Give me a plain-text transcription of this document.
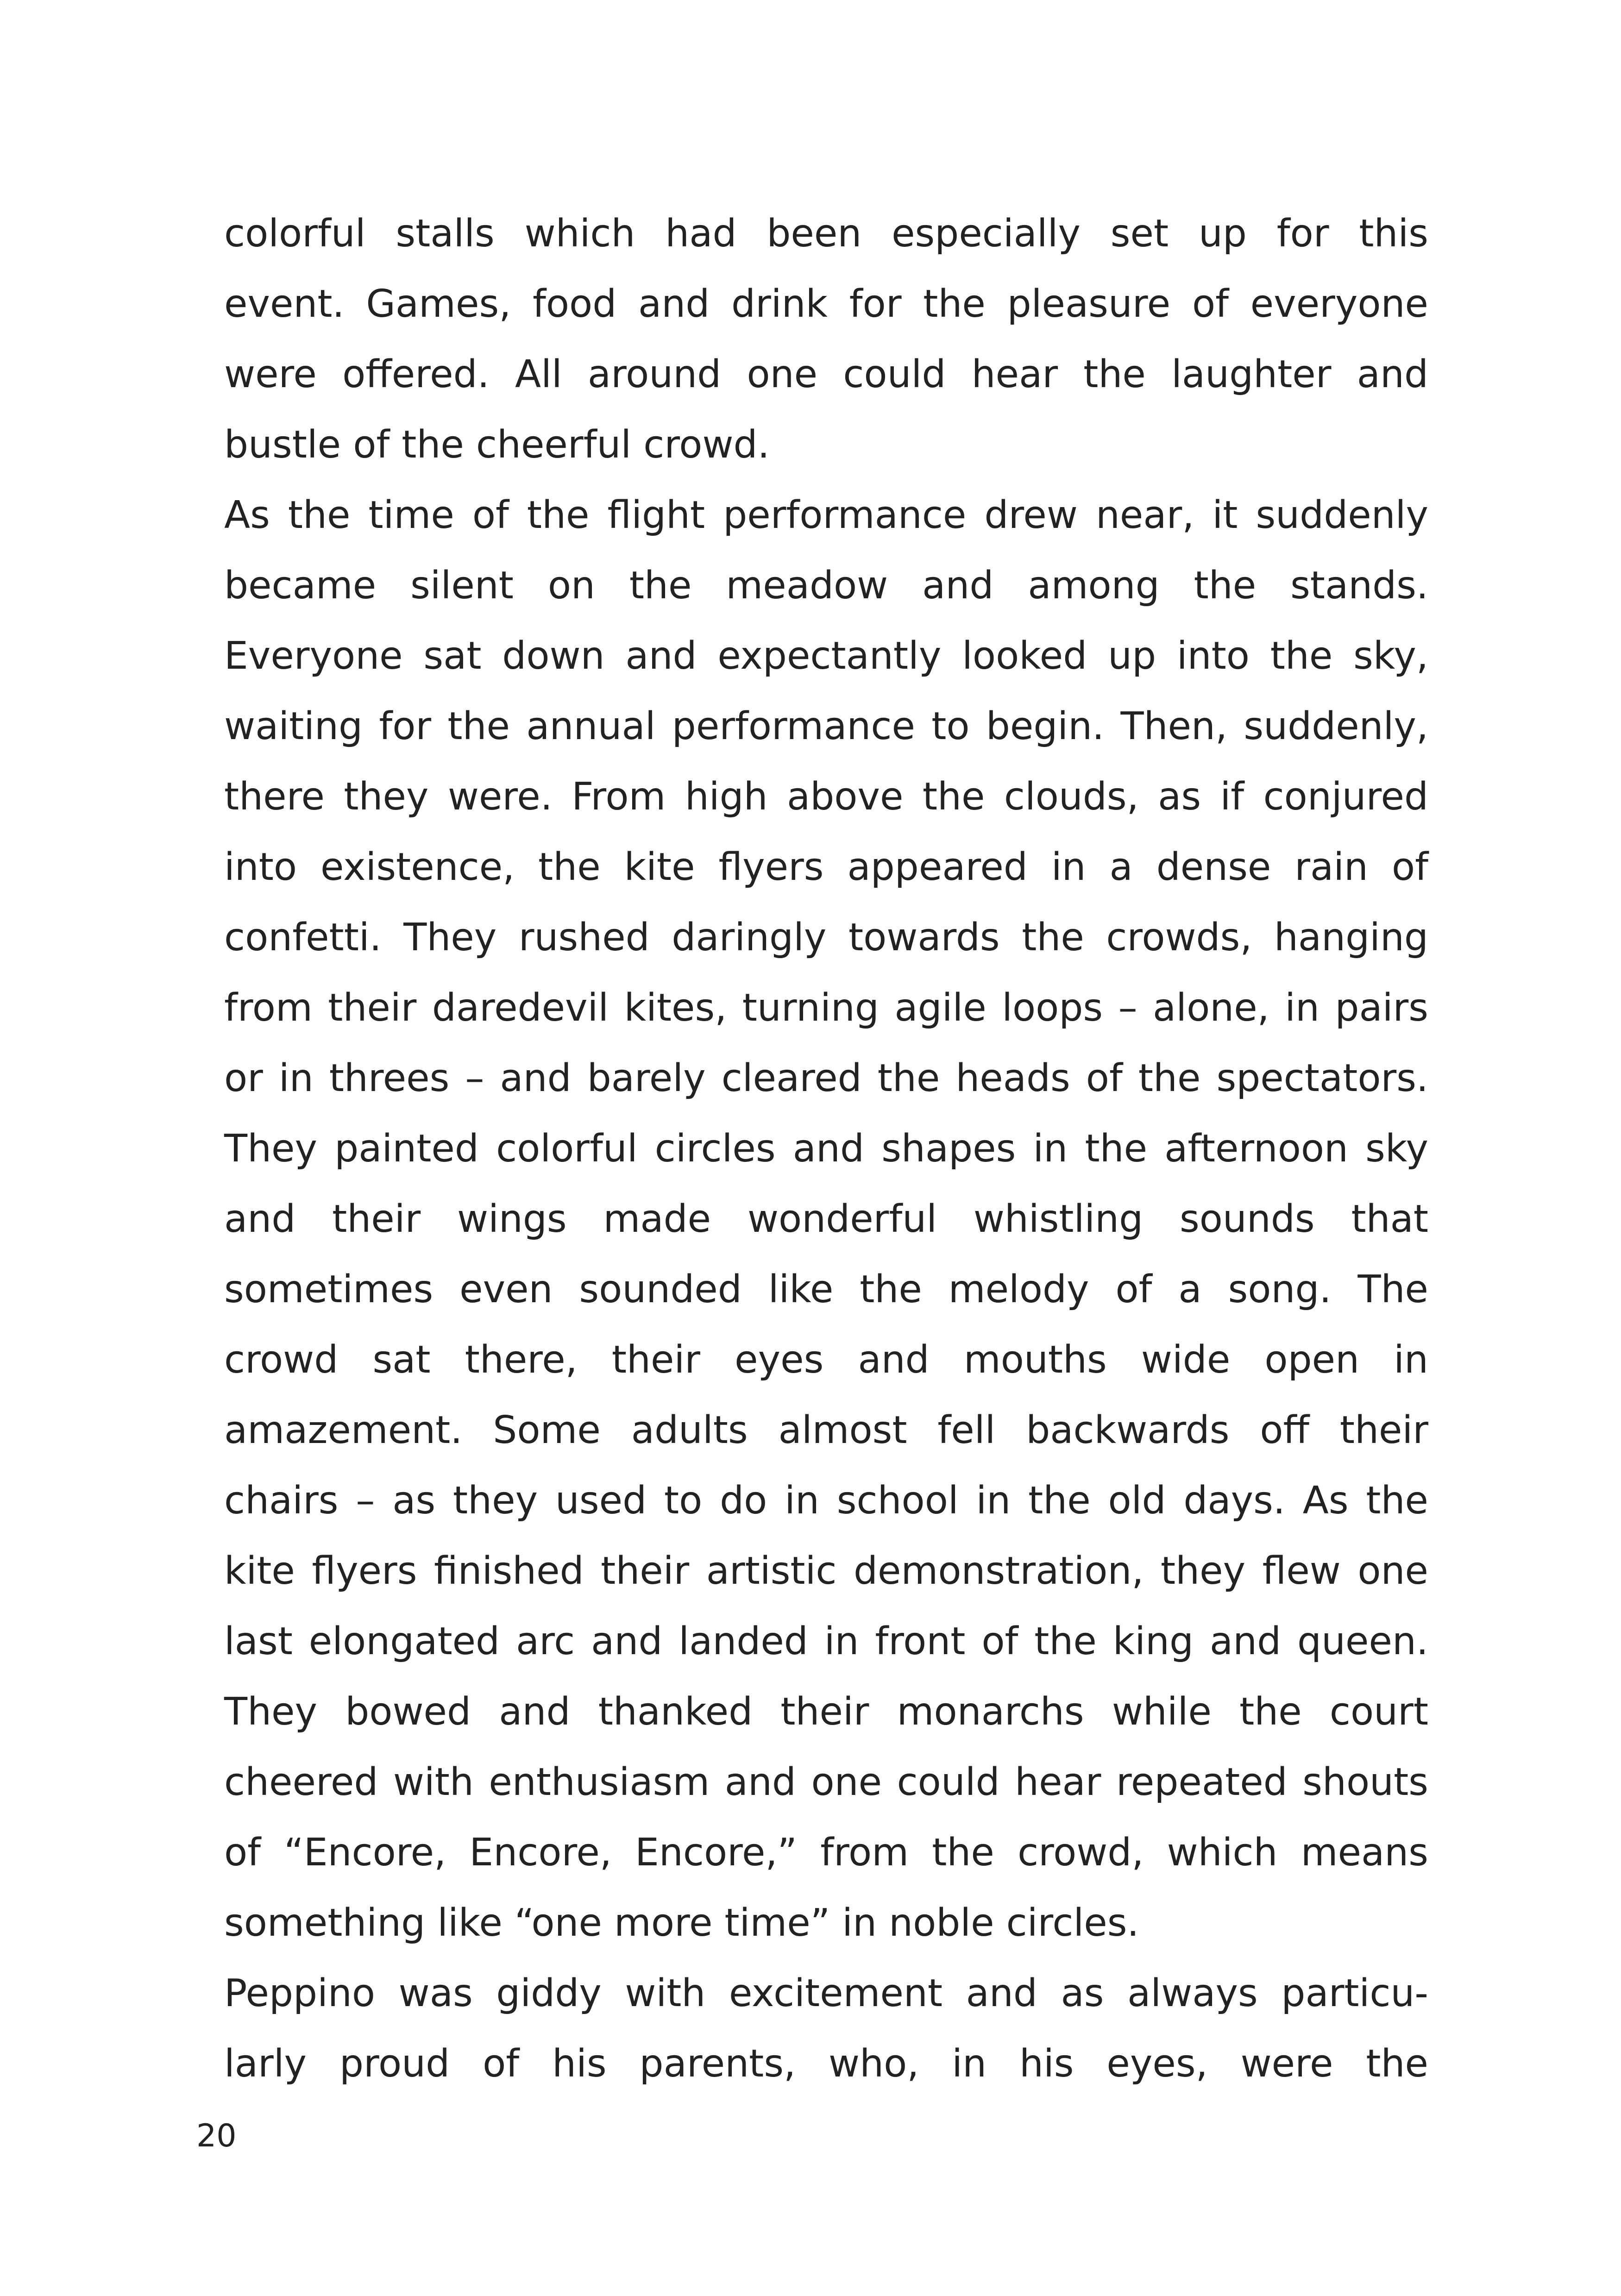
colorful stalls which had been especially set up for this
event. Games, food and drink for the pleasure of everyone
were offered. All around one could hear the laughter and
bustle of the cheerful crowd.
As the time of the flight performance drew near, it suddenly
became silent on the meadow and among the stands.
Everyone sat down and expectantly looked up into the sky,
waiting for the annual performance to begin. Then, suddenly,
there they were. From high above the clouds, as if conjured
into existence, the kite flyers appeared in a dense rain of
confetti. They rushed daringly towards the crowds, hanging
from their daredevil kites, turning agile loops – alone, in pairs
or in threes – and barely cleared the heads of the spectators.
They painted colorful circles and shapes in the afternoon sky
and their wings made wonderful whistling sounds that
sometimes even sounded like the melody of a song. The
crowd sat there, their eyes and mouths wide open in
amazement. Some adults almost fell backwards off their
chairs – as they used to do in school in the old days. As the
kite flyers finished their artistic demonstration, they flew one
last elongated arc and landed in front of the king and queen.
They bowed and thanked their monarchs while the court
cheered with enthusiasm and one could hear repeated shouts
of “Encore, Encore, Encore,” from the crowd, which means
something like “one more time” in noble circles.
Peppino was giddy with excitement and as always particu-
larly proud of his parents, who, in his eyes, were the
20
